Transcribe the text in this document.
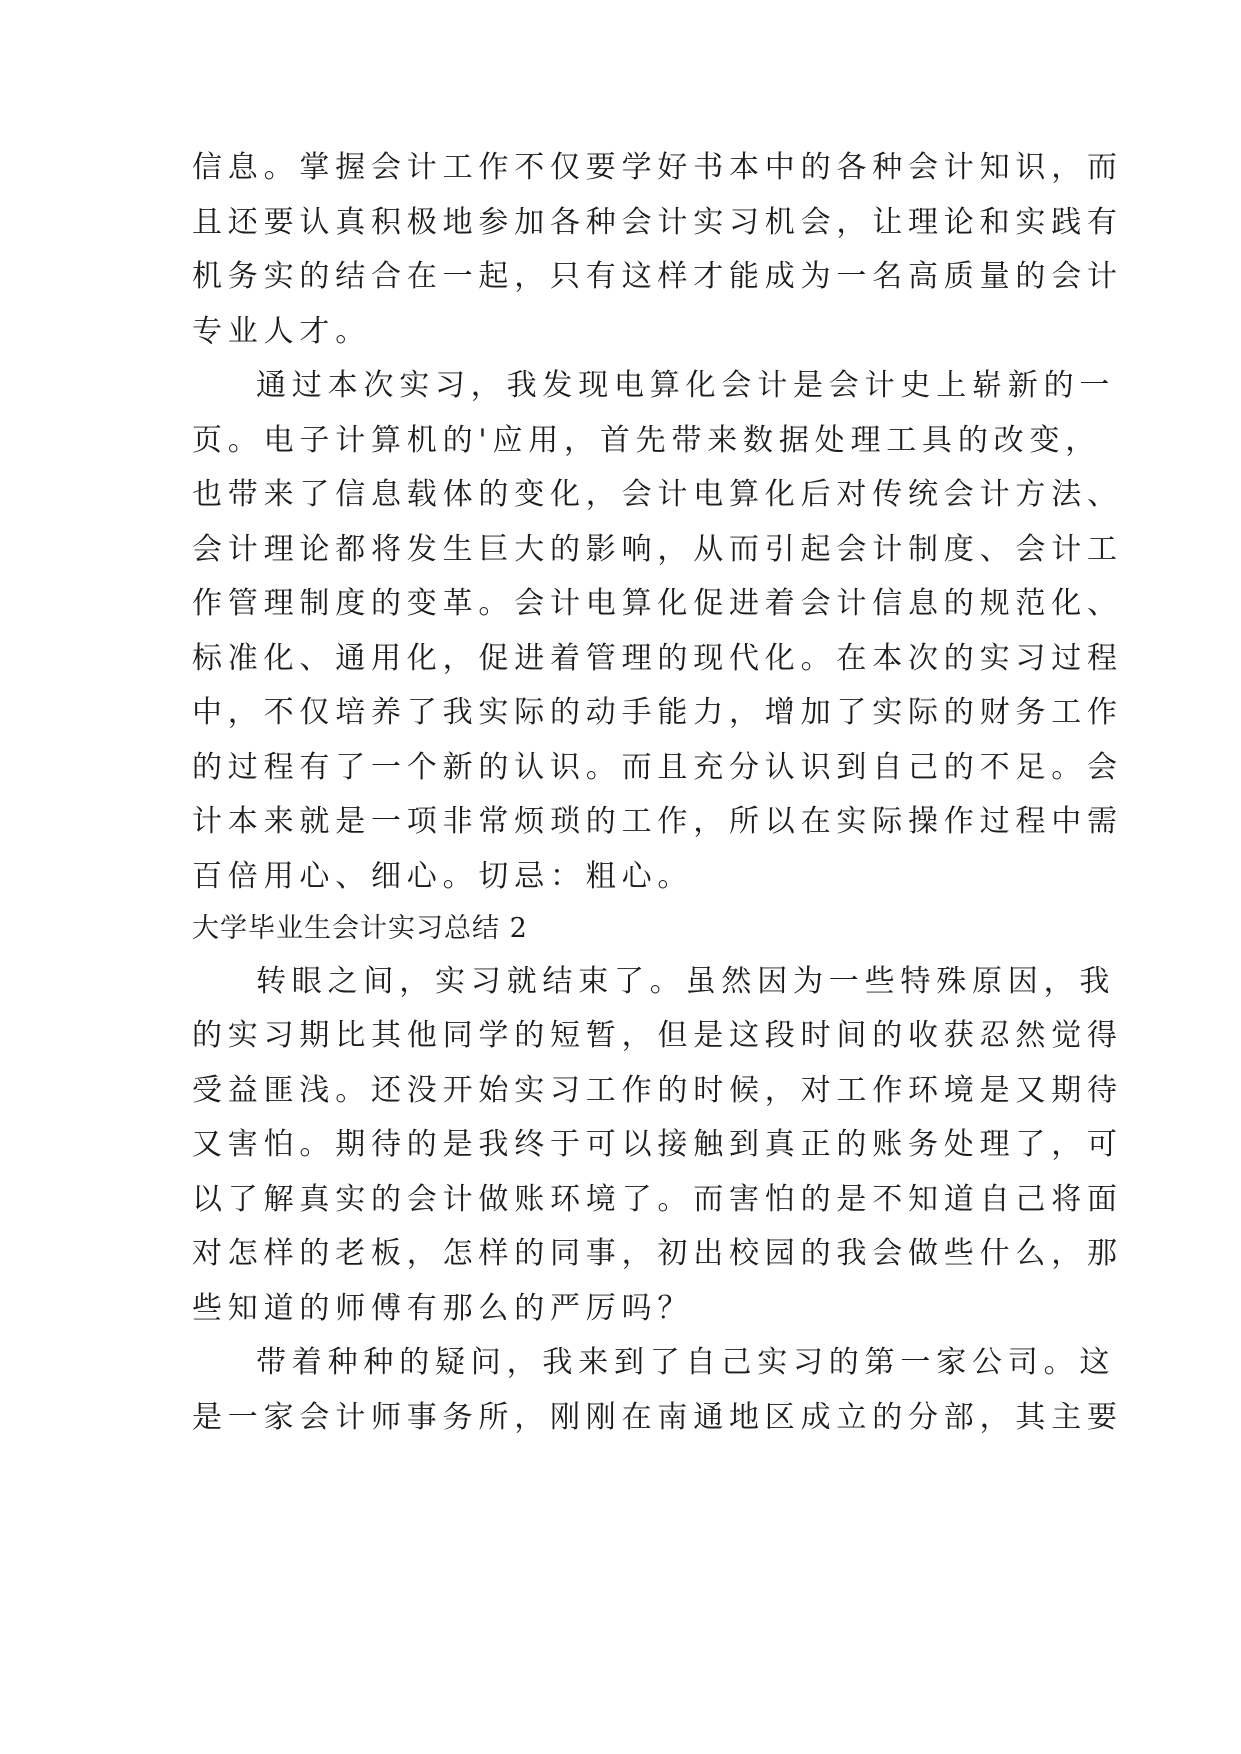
信息。掌握会计工作不仅要学好书本中的各种会计知识，而
且还要认真积极地参加各种会计实习机会，让理论和实践有
机务实的结合在一起，只有这样才能成为一名高质量的会计
专业人才。
通过本次实习，我发现电算化会计是会计史上崭新的一
页。电子计算机的'应用，首先带来数据处理工具的改变，
也带来了信息载体的变化，会计电算化后对传统会计方法、
会计理论都将发生巨大的影响，从而引起会计制度、会计工
作管理制度的变革。会计电算化促进着会计信息的规范化、
标准化、通用化，促进着管理的现代化。在本次的实习过程
中，不仅培养了我实际的动手能力，增加了实际的财务工作
的过程有了一个新的认识。而且充分认识到自己的不足。会
计本来就是一项非常烦琐的工作，所以在实际操作过程中需
百倍用心、细心。切忌：粗心。
大学毕业生会计实习总结 2
转眼之间，实习就结束了。虽然因为一些特殊原因，我
的实习期比其他同学的短暂，但是这段时间的收获忍然觉得
受益匪浅。还没开始实习工作的时候，对工作环境是又期待
又害怕。期待的是我终于可以接触到真正的账务处理了，可
以了解真实的会计做账环境了。而害怕的是不知道自己将面
对怎样的老板，怎样的同事，初出校园的我会做些什么，那
些知道的师傅有那么的严厉吗？
带着种种的疑问，我来到了自己实习的第一家公司。这
是一家会计师事务所，刚刚在南通地区成立的分部，其主要
